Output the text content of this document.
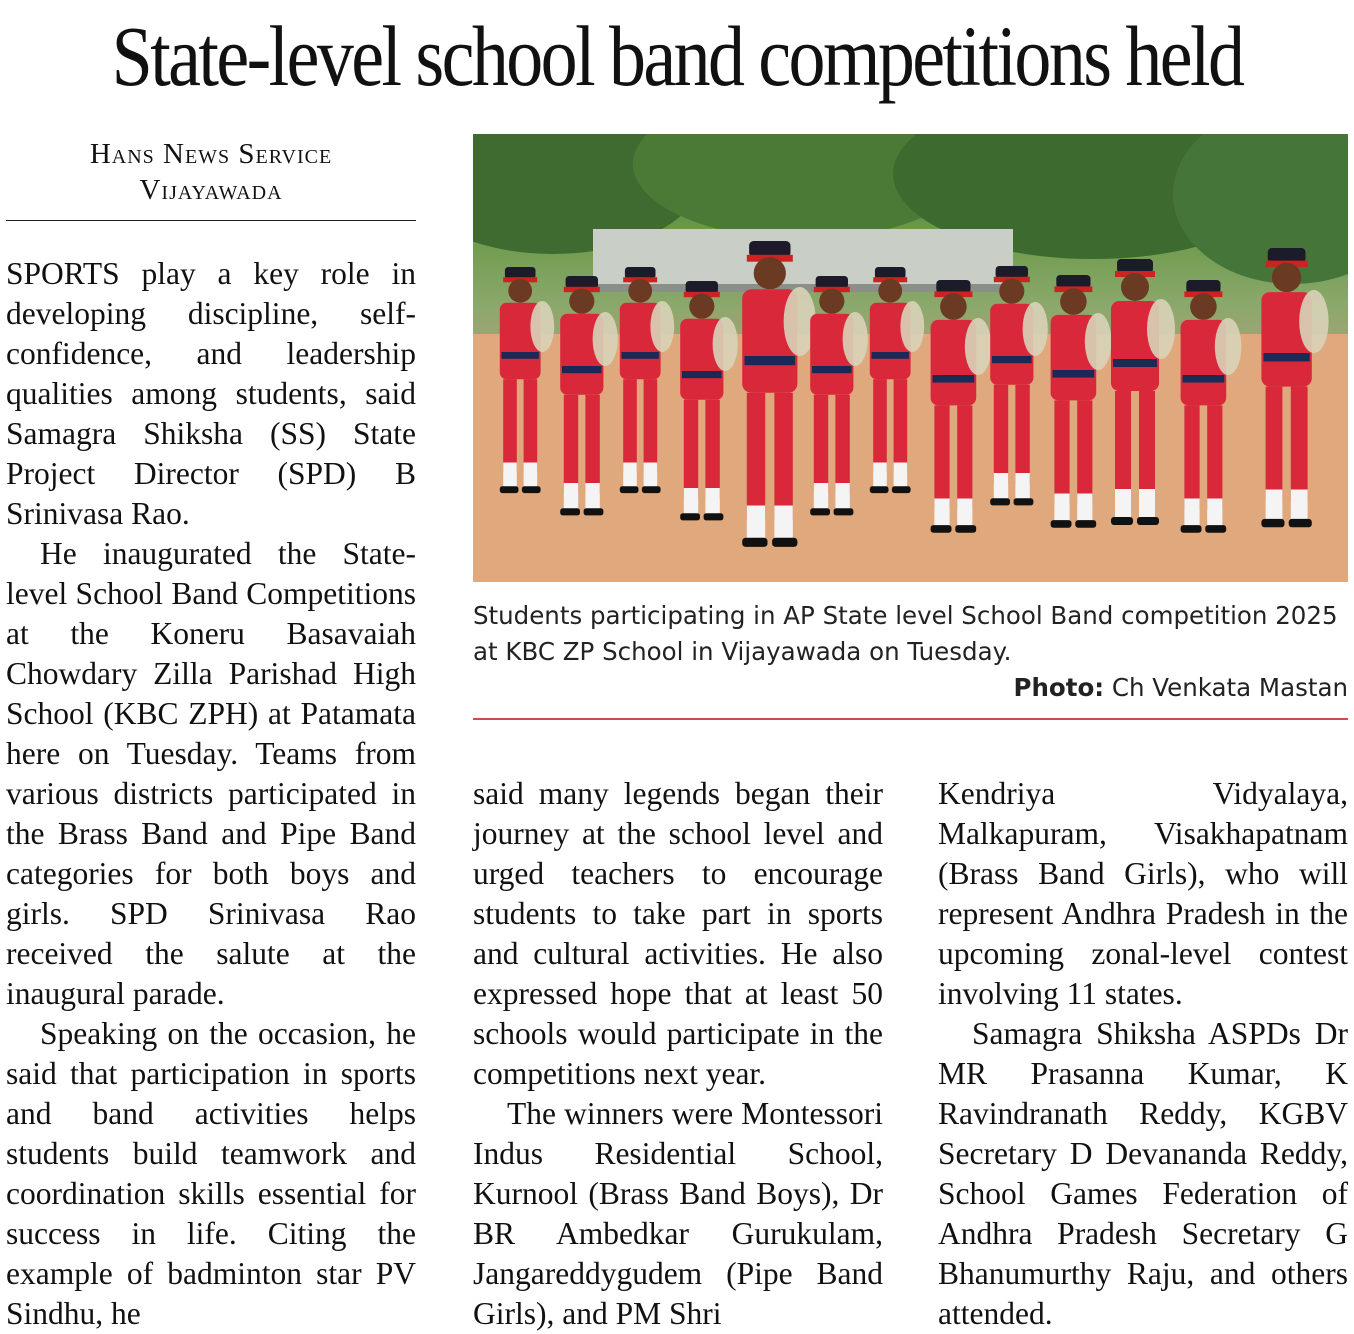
State-level school band competitions held
Hans News Service
Vijayawada

SPORTS play a key role in developing discipline, self-confidence, and leadership qualities among students, said Samagra Shiksha (SS) State Project Director (SPD) B Srinivasa Rao.

He inaugurated the State-level School Band Competitions at the Koneru Basavaiah Chowdary Zilla Parishad High School (KBC ZPH) at Patamata here on Tuesday. Teams from various districts participated in the Brass Band and Pipe Band categories for both boys and girls. SPD Srinivasa Rao received the salute at the inaugural parade.

Speaking on the occasion, he said that participation in sports and band activities helps students build teamwork and coordination skills essential for success in life. Citing the example of badminton star PV Sindhu, he

Students participating in AP State level School Band competition 2025 at KBC ZP School in Vijayawada on Tuesday.
Photo: Ch Venkata Mastan

said many legends began their journey at the school level and urged teachers to encourage students to take part in sports and cultural activities. He also expressed hope that at least 50 schools would participate in the competitions next year.

The winners were Montessori Indus Residential School, Kurnool (Brass Band Boys), Dr BR Ambedkar Gurukulam, Jangareddygudem (Pipe Band Girls), and PM Shri

Kendriya Vidyalaya, Malkapuram, Visakhapatnam (Brass Band Girls), who will represent Andhra Pradesh in the upcoming zonal-level contest involving 11 states.

Samagra Shiksha ASPDs Dr MR Prasanna Kumar, K Ravindranath Reddy, KGBV Secretary D Devananda Reddy, School Games Federation of Andhra Pradesh Secretary G Bhanumurthy Raju, and others attended.
